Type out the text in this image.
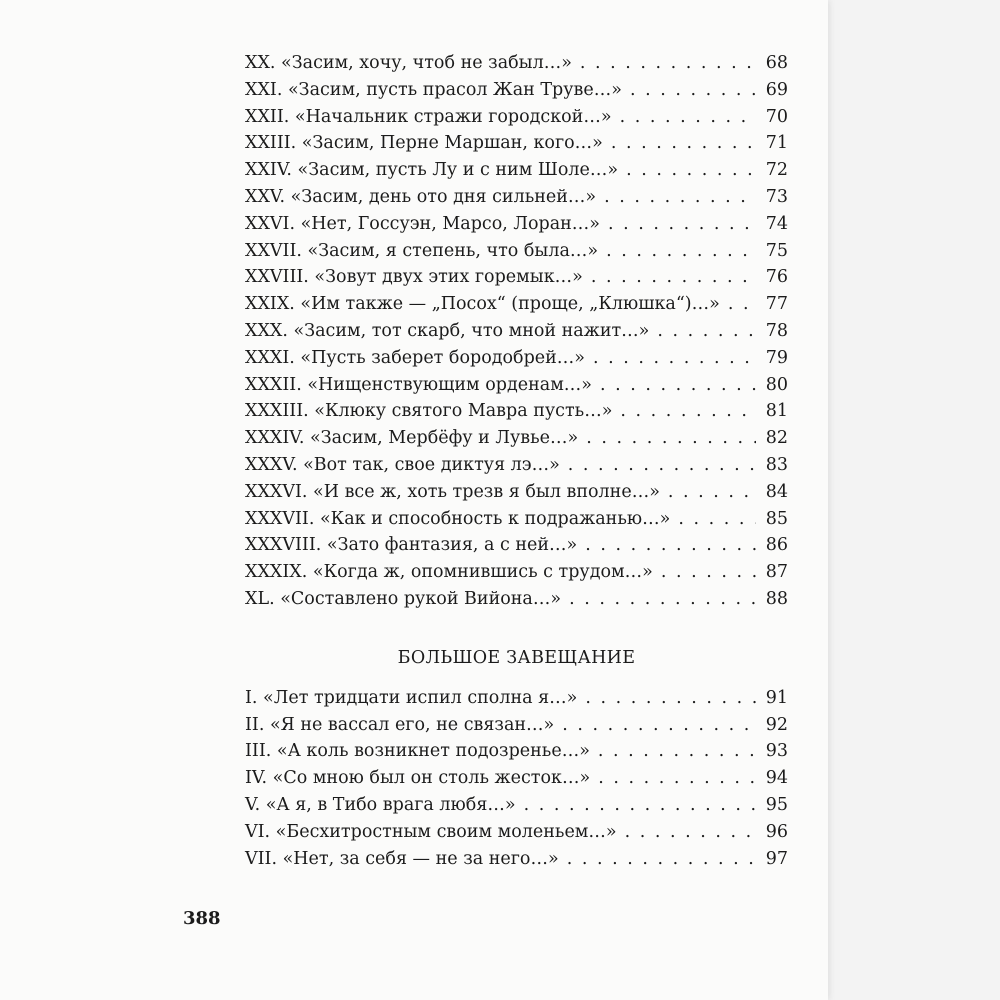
XX. «Засим, хочу, чтоб не забыл…» . . .	68
XXI. «Засим, пусть прасол Жан Труве…» . . .	69
XXII. «Начальник стражи городской…» . . .	70
XXIII. «Засим, Перне Маршан, кого…» . . .	71
XXIV. «Засим, пусть Лу и с ним Шоле…» . . .	72
XXV. «Засим, день ото дня сильней…» . . .	73
XXVI. «Нет, Госсуэн, Марсо, Лоран…» . . .	74
XXVII. «Засим, я степень, что была…» . . .	75
XXVIII. «Зовут двух этих горемык…» . . .	76
XXIX. «Им также — „Посох“ (проще, „Клюшка“)…» . . .	77
XXX. «Засим, тот скарб, что мной нажит…» . . .	78
XXXI. «Пусть заберет бородобрей…» . . .	79
XXXII. «Нищенствующим орденам…» . . .	80
XXXIII. «Клюку святого Мавра пусть…» . . .	81
XXXIV. «Засим, Мербёфу и Лувье…» . . .	82
XXXV. «Вот так, свое диктуя лэ…» . . .	83
XXXVI. «И все ж, хоть трезв я был вполне…» . . .	84
XXXVII. «Как и способность к подражанью…» . . .	85
XXXVIII. «Зато фантазия, а с ней…» . . .	86
XXXIX. «Когда ж, опомнившись с трудом…» . . .	87
XL. «Составлено рукой Вийона…» . . .	88
БОЛЬШОЕ ЗАВЕЩАНИЕ
I. «Лет тридцати испил сполна я…» . . .	91
II. «Я не вассал его, не связан…» . . .	92
III. «А коль возникнет подозренье…» . . .	93
IV. «Со мною был он столь жесток…» . . .	94
V. «А я, в Тибо врага любя…» . . .	95
VI. «Бесхитростным своим моленьем…» . . .	96
VII. «Нет, за себя — не за него…» . . .	97
388
